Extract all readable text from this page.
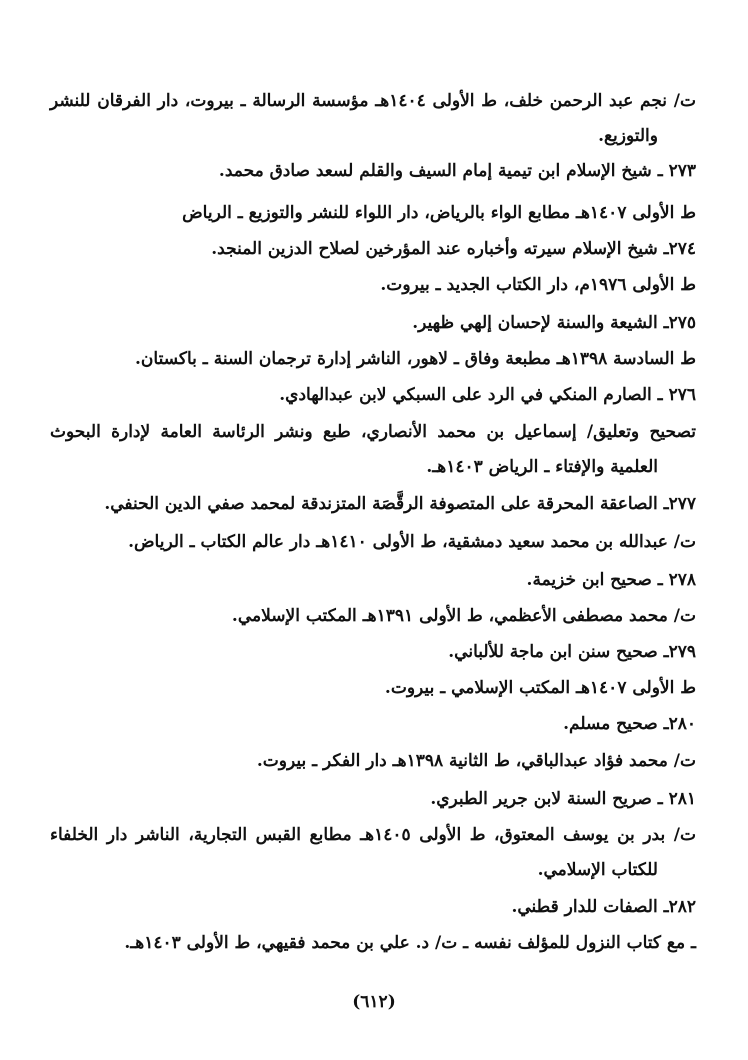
ت/ نجم عبد الرحمن خلف، ط الأولى ١٤٠٤هـ مؤسسة الرسالة ـ بيروت، دار الفرقان للنشر
والتوزيع.
٢٧٣ ـ شيخ الإسلام ابن تيمية إمام السيف والقلم لسعد صادق محمد.
ط الأولى ١٤٠٧هـ مطابع الواء بالرياض، دار اللواء للنشر والتوزيع ـ الرياض
٢٧٤ـ شيخ الإسلام سيرته وأخباره عند المؤرخين لصلاح الدزين المنجد.
ط الأولى ١٩٧٦م، دار الكتاب الجديد ـ بيروت.
٢٧٥ـ الشيعة والسنة لإحسان إلهي ظهير.
ط السادسة ١٣٩٨هـ مطبعة وفاق ـ لاهور، الناشر إدارة ترجمان السنة ـ باكستان.
٢٧٦ ـ الصارم المنكي في الرد على السبكي لابن عبدالهادي.
تصحيح وتعليق/ إسماعيل بن محمد الأنصاري، طبع ونشر الرئاسة العامة لإدارة البحوث
العلمية والإفتاء ـ الرياض ١٤٠٣هـ.
٢٧٧ـ الصاعقة المحرقة على المتصوفة الرقَّصَة المتزندقة لمحمد صفي الدين الحنفي.
ت/ عبدالله بن محمد سعيد دمشقية، ط الأولى ١٤١٠هـ دار عالم الكتاب ـ الرياض.
٢٧٨ ـ صحيح ابن خزيمة.
ت/ محمد مصطفى الأعظمي، ط الأولى ١٣٩١هـ المكتب الإسلامي.
٢٧٩ـ صحيح سنن ابن ماجة للألباني.
ط الأولى ١٤٠٧هـ المكتب الإسلامي ـ بيروت.
٢٨٠ـ صحيح مسلم.
ت/ محمد فؤاد عبدالباقي، ط الثانية ١٣٩٨هـ دار الفكر ـ بيروت.
٢٨١ ـ صريح السنة لابن جرير الطبري.
ت/ بدر بن يوسف المعتوق، ط الأولى ١٤٠٥هـ مطابع القبس التجارية، الناشر دار الخلفاء
للكتاب الإسلامي.
٢٨٢ـ الصفات للدار قطني.
ـ مع كتاب النزول للمؤلف نفسه ـ ت/ د. علي بن محمد فقيهي، ط الأولى ١٤٠٣هـ.
(٦١٢)
